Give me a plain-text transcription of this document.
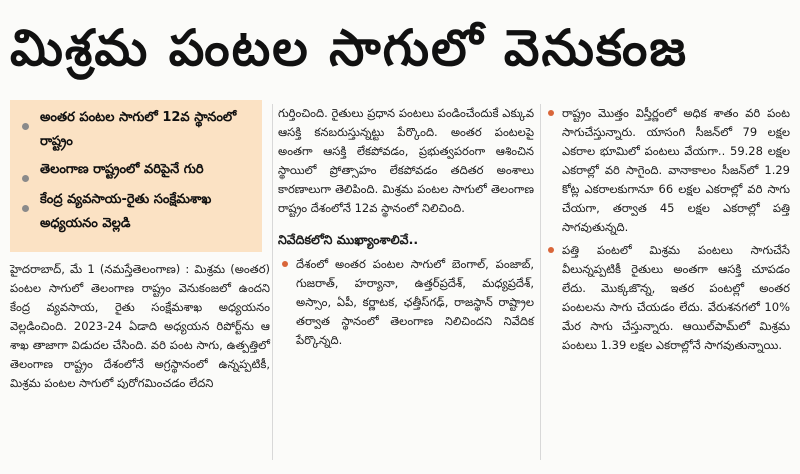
మిశ్రమ పంటల సాగులో వెనుకంజ
అంతర పంటల సాగులో 12వ స్థానంలో రాష్ట్రం
తెలంగాణ రాష్ట్రంలో వరిపైనే గురి
కేంద్ర వ్యవసాయ-రైతు సంక్షేమశాఖ అధ్యయనం వెల్లడి

హైదరాబాద్, మే 1 (నమస్తేతెలంగాణ) : మిశ్రమ (అంతర) పంటల సాగులో తెలంగాణ రాష్ట్రం వెనుకంజలో ఉందని కేంద్ర వ్యవసాయ, రైతు సంక్షేమశాఖ అధ్యయనం వెల్లడించింది. 2023-24 ఏడాది అధ్యయన రిపోర్ట్‌ను ఆ శాఖ తాజాగా విడుదల చేసింది. వరి పంట సాగు, ఉత్పత్తిలో తెలంగాణ రాష్ట్రం దేశంలోనే అగ్రస్థానంలో ఉన్నప్పటికీ, మిశ్రమ పంటల సాగులో పురోగమించడం లేదని

గుర్తించింది. రైతులు ప్రధాన పంటలు పండించేందుకే ఎక్కువ ఆసక్తి కనబరుస్తున్నట్టు పేర్కొంది. అంతర పంటలపై అంతగా ఆసక్తి లేకపోవడం, ప్రభుత్వపరంగా ఆశించిన స్థాయిలో ప్రోత్సాహం లేకపోవడం తదితర అంశాలు కారణాలుగా తెలిపింది. మిశ్రమ పంటల సాగులో తెలంగాణ రాష్ట్రం దేశంలోనే 12వ స్థానంలో నిలిచింది.

నివేదికలోని ముఖ్యాంశాలివే..

దేశంలో అంతర పంటల సాగులో బెంగాల్, పంజాబ్, గుజరాత్, హర్యానా, ఉత్తర్‌ప్రదేశ్, మధ్యప్రదేశ్, అస్సాం, ఏపీ, కర్ణాటక, ఛత్తీస్‌గఢ్, రాజస్థాన్ రాష్ట్రాల తర్వాత స్థానంలో తెలంగాణ నిలిచిందని నివేదిక పేర్కొన్నది.

రాష్ట్రం మొత్తం విస్తీర్ణంలో అధిక శాతం వరి పంట సాగుచేస్తున్నారు. యాసంగి సీజన్‌లో 79 లక్షల ఎకరాల భూమిలో పంటలు వేయగా.. 59.28 లక్షల ఎకరాల్లో వరి సాగైంది. వానాకాలం సీజన్‌లో 1.29 కోట్ల ఎకరాలకుగానూ 66 లక్షల ఎకరాల్లో వరి సాగు చేయగా, తర్వాత 45 లక్షల ఎకరాల్లో పత్తి సాగవుతున్నది.

పత్తి పంటలో మిశ్రమ పంటలు సాగుచేసే వీలున్నప్పటికీ రైతులు అంతగా ఆసక్తి చూపడం లేదు. మొక్కజొన్న, ఇతర పంటల్లో అంతర పంటలను సాగు చేయడం లేదు. వేరుశనగలో 10% మేర సాగు చేస్తున్నారు. ఆయిల్‌పామ్‌లో మిశ్రమ పంటలు 1.39 లక్షల ఎకరాల్లోనే సాగవుతున్నాయి.
